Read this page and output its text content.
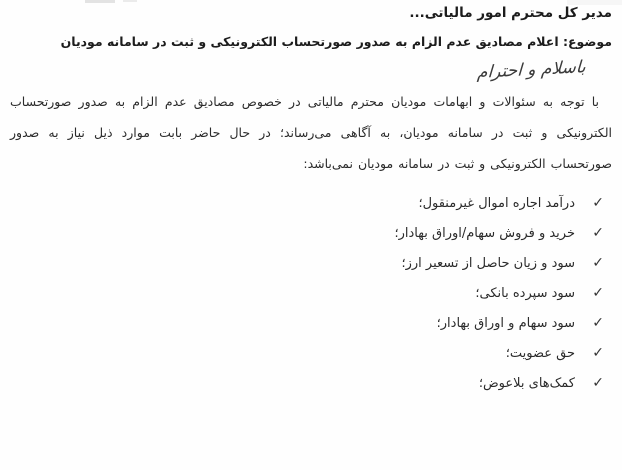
مدیر کل محترم امور مالیاتی...
موضوع: اعلام مصادیق عدم الزام به صدور صورتحساب الکترونیکی و ثبت در سامانه مودیان
باسلام و احترام
با توجه به سئوالات و ابهامات مودیان محترم مالیاتی در خصوص مصادیق عدم الزام به صدور صورتحساب
الکترونیکی و ثبت در سامانه مودیان، به آگاهی می‌رساند؛ در حال حاضر بابت موارد ذیل نیاز به صدور
صورتحساب الکترونیکی و ثبت در سامانه مودیان نمی‌باشد:
✓
درآمد اجاره اموال غیرمنقول؛
✓
خرید و فروش سهام/اوراق بهادار؛
✓
سود و زیان حاصل از تسعیر ارز؛
✓
سود سپرده بانکی؛
✓
سود سهام و اوراق بهادار؛
✓
حق عضویت؛
✓
کمک‌های بلاعوض؛
